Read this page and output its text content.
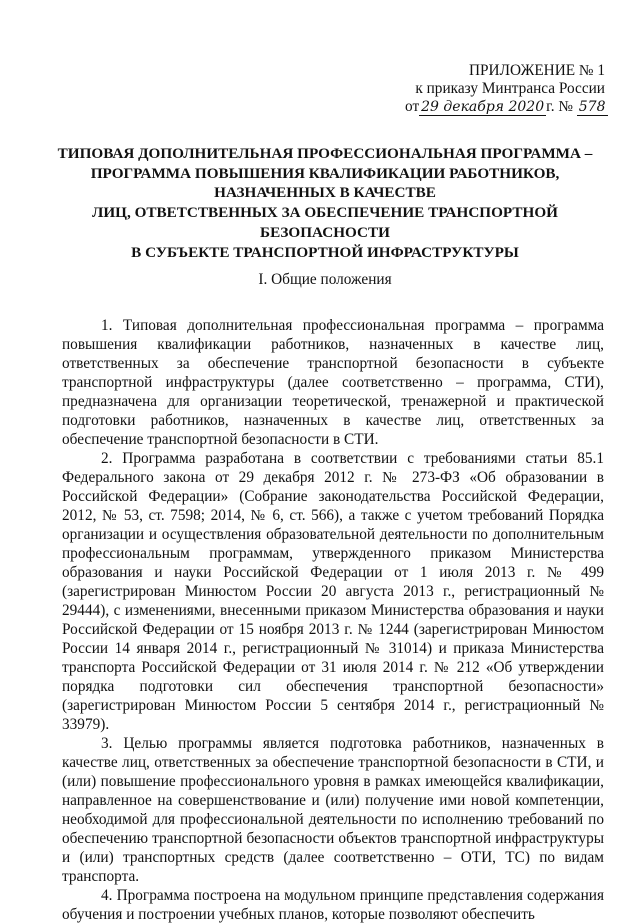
ПРИЛОЖЕНИЕ № 1
к приказу Минтранса России
от 29 декабря 2020 г. № 578
ТИПОВАЯ ДОПОЛНИТЕЛЬНАЯ ПРОФЕССИОНАЛЬНАЯ ПРОГРАММА –
ПРОГРАММА ПОВЫШЕНИЯ КВАЛИФИКАЦИИ РАБОТНИКОВ,
НАЗНАЧЕННЫХ В КАЧЕСТВЕ
ЛИЦ, ОТВЕТСТВЕННЫХ ЗА ОБЕСПЕЧЕНИЕ ТРАНСПОРТНОЙ
БЕЗОПАСНОСТИ
В СУБЪЕКТЕ ТРАНСПОРТНОЙ ИНФРАСТРУКТУРЫ
I. Общие положения

1. Типовая дополнительная профессиональная программа – программа повышения квалификации работников, назначенных в качестве лиц, ответственных за обеспечение транспортной безопасности в субъекте транспортной инфраструктуры (далее соответственно – программа, СТИ), предназначена для организации теоретической, тренажерной и практической подготовки работников, назначенных в качестве лиц, ответственных за обеспечение транспортной безопасности в СТИ.

2. Программа разработана в соответствии с требованиями статьи 85.1 Федерального закона от 29 декабря 2012 г. № 273-ФЗ «Об образовании в Российской Федерации» (Собрание законодательства Российской Федерации, 2012, № 53, ст. 7598; 2014, № 6, ст. 566), а также с учетом требований Порядка организации и осуществления образовательной деятельности по дополнительным профессиональным программам, утвержденного приказом Министерства образования и науки Российской Федерации от 1 июля 2013 г. № 499 (зарегистрирован Минюстом России 20 августа 2013 г., регистрационный № 29444), с изменениями, внесенными приказом Министерства образования и науки Российской Федерации от 15 ноября 2013 г. № 1244 (зарегистрирован Минюстом России 14 января 2014 г., регистрационный № 31014) и приказа Министерства транспорта Российской Федерации от 31 июля 2014 г. № 212 «Об утверждении порядка подготовки сил обеспечения транспортной безопасности» (зарегистрирован Минюстом России 5 сентября 2014 г., регистрационный № 33979).

3. Целью программы является подготовка работников, назначенных в качестве лиц, ответственных за обеспечение транспортной безопасности в СТИ, и (или) повышение профессионального уровня в рамках имеющейся квалификации, направленное на совершенствование и (или) получение ими новой компетенции, необходимой для профессиональной деятельности по исполнению требований по обеспечению транспортной безопасности объектов транспортной инфраструктуры и (или) транспортных средств (далее соответственно – ОТИ, ТС) по видам транспорта.

4. Программа построена на модульном принципе представления содержания обучения и построении учебных планов, которые позволяют обеспечить
